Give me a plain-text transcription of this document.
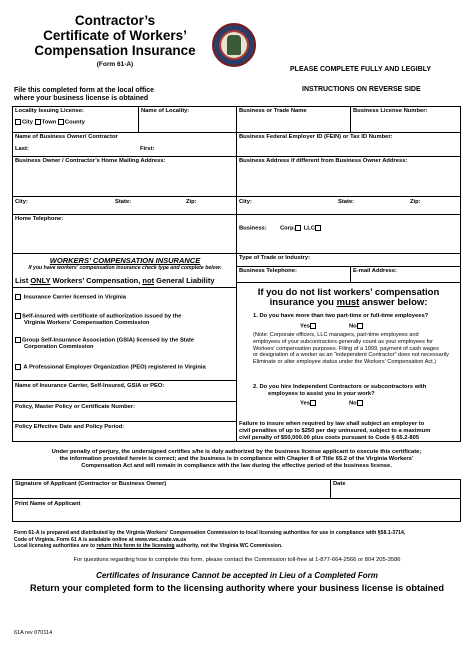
Contractor’s
Certificate of Workers’
Compensation Insurance
(Form 61-A)
File this completed form at the local office
where your business license is obtained
PLEASE COMPLETE FULLY AND LEGIBLY
INSTRUCTIONS ON REVERSE SIDE
Locality Issuing License:
City Town County
Name of Locality:
Name of Business Owner/ Contractor
Last:	First:
Business Owner / Contractor’s Home Mailing Address:
City:	State:	Zip:
Home Telephone:
Business or Trade Name	Business License Number:
Business Federal Employer ID (FEIN) or Tax ID Number:
Business Address if different from Business Owner Address:
City:	State:	Zip:
Business: Corp. LLC
Type of Trade or Industry:
Business Telephone:	E-mail Address:
WORKERS’ COMPENSATION INSURANCE
If you have workers’ compensation insurance check type and complete below:
List ONLY Workers’ Compensation, not General Liability
Insurance Carrier licensed in Virginia
Self-insured with certificate of authorization issued by the
Virginia Workers’ Compensation Commission
Group Self-Insurance Association (GSIA) licensed by the State
Corporation Commission
A Professional Employer Organization (PEO) registered in Virginia
Name of Insurance Carrier, Self-Insured, GSIA or PEO:
Policy, Master Policy or Certificate Number:
Policy Effective Date and Policy Period:
If you do not list workers’ compensation
insurance you must answer below:
1. Do you have more than two part-time or full-time employees?
Yes	No
(Note: Corporate officers, LLC managers, part-time employees and
employees of your subcontractors generally count as your employees for
Workers’ compensation purposes. Filing of a 1099, payment of cash wages
or designation of a worker as an “independent Contractor” does not necessarily
Eliminate or alter employee status under the Workers’ Compensation Act.)
2. Do you hire Independent Contractors or subcontractors with
employees to assist you in your work?
Yes	No
Failure to insure when required by law shall subject an employer to
civil penalties of up to $250 per day uninsured, subject to a maximum
civil penalty of $50,000.00 plus costs pursuant to Code § 65.2-805
Under penalty of perjury, the undersigned certifies s/he is duly authorized by the business license applicant to execute this certificate;
the information provided herein is correct; and the business is in compliance with Chapter 8 of Title 65.2 of the Virginia Workers’
Compensation Act and will remain in compliance with the law during the effective period of the business license.
Signature of Applicant (Contractor or Business Owner)	Date
Print Name of Applicant
Form 61-A is prepared and distributed by the Virginia Workers’ Compensation Commission to local licensing authorities for use in compliance with §58.1-3714,
Code of Virginia. Form 61 A is available online at www.vwc.state.va.us
Local licensing authorities are to return this form to the licensing authority, not the Virginia WC Commission.
For questions regarding how to complete this form, please contact the Commission toll-free at 1-877-664-2566 or 804 205-3586
Certificates of Insurance Cannot be accepted in Lieu of a Completed Form
Return your completed form to the licensing authority where your business license is obtained
61A rev 070114
